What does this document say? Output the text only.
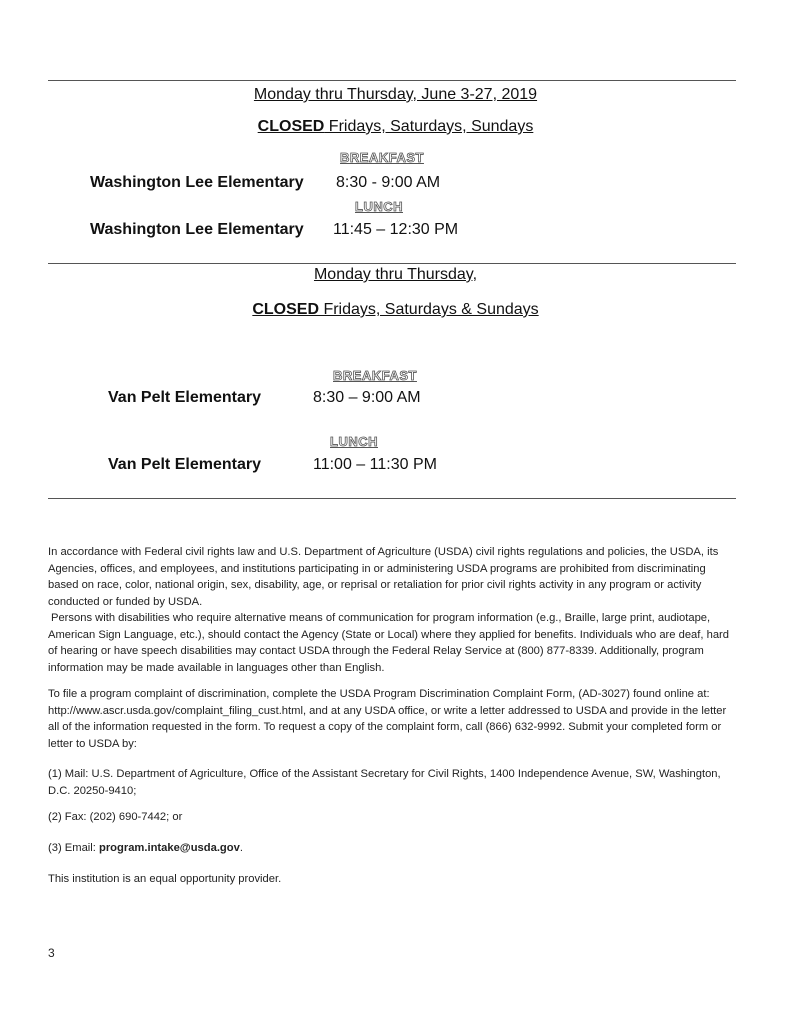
Monday thru Thursday, June 3-27, 2019
CLOSED Fridays, Saturdays, Sundays
BREAKFAST
Washington Lee Elementary 8:30 - 9:00 AM
LUNCH
Washington Lee Elementary 11:45 – 12:30 PM
Monday thru Thursday,
CLOSED Fridays, Saturdays & Sundays
BREAKFAST
Van Pelt Elementary	8:30 – 9:00 AM
LUNCH
Van Pelt Elementary	11:00 – 11:30 PM

In accordance with Federal civil rights law and U.S. Department of Agriculture (USDA) civil rights regulations and policies, the USDA, its Agencies, offices, and employees, and institutions participating in or administering USDA programs are prohibited from discriminating based on race, color, national origin, sex, disability, age, or reprisal or retaliation for prior civil rights activity in any program or activity conducted or funded by USDA.

Persons with disabilities who require alternative means of communication for program information (e.g., Braille, large print, audiotape, American Sign Language, etc.), should contact the Agency (State or Local) where they applied for benefits. Individuals who are deaf, hard of hearing or have speech disabilities may contact USDA through the Federal Relay Service at (800) 877-8339. Additionally, program information may be made available in languages other than English.

To file a program complaint of discrimination, complete the USDA Program Discrimination Complaint Form, (AD-3027) found online at: http://www.ascr.usda.gov/complaint_filing_cust.html, and at any USDA office, or write a letter addressed to USDA and provide in the letter all of the information requested in the form. To request a copy of the complaint form, call (866) 632-9992. Submit your completed form or letter to USDA by:

(1) Mail: U.S. Department of Agriculture, Office of the Assistant Secretary for Civil Rights, 1400 Independence Avenue, SW, Washington, D.C. 20250-9410;

(2) Fax: (202) 690-7442; or

(3) Email: program.intake@usda.gov.

This institution is an equal opportunity provider.

3
